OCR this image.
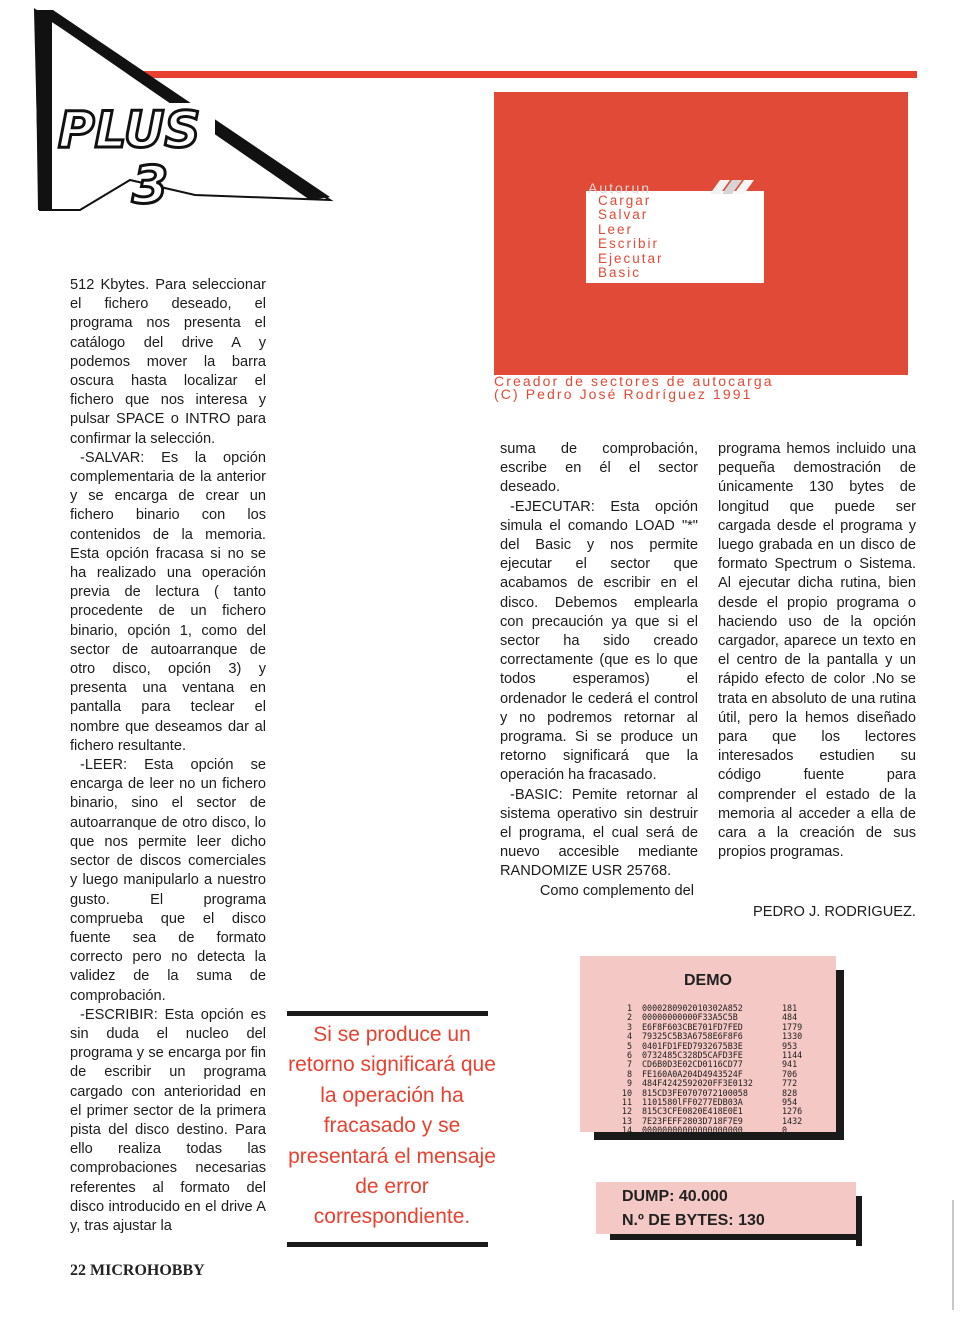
PLUS
3	Autorun
Cargar
Salvar
Leer
Escribir
Ejecutar
Basic
Creador de sectores de autocarga
(C) Pedro José Rodríguez 1991

512 Kbytes. Para seleccionar el fichero deseado, el programa nos presenta el catálogo del drive A y podemos mover la barra oscura hasta localizar el fichero que nos interesa y pulsar SPACE o INTRO para confirmar la selección.

-SALVAR: Es la opción complementaria de la anterior y se encarga de crear un fichero binario con los contenidos de la memoria. Esta opción fracasa si no se ha realizado una operación previa de lectura ( tanto procedente de un fichero binario, opción 1, como del sector de autoarranque de otro disco, opción 3) y presenta una ventana en pantalla para teclear el nombre que deseamos dar al fichero resultante.

-LEER: Esta opción se encarga de leer no un fichero binario, sino el sector de autoarranque de otro disco, lo que nos permite leer dicho sector de discos comerciales y luego manipularlo a nuestro gusto. El programa comprueba que el disco fuente sea de formato correcto pero no detecta la validez de la suma de comprobación.

-ESCRIBIR: Esta opción es sin duda el nucleo del programa y se encarga por fin de escribir un programa cargado con anterioridad en el primer sector de la primera pista del disco destino. Para ello realiza todas las comprobaciones necesarias referentes al formato del disco introducido en el drive A y, tras ajustar la

suma de comprobación, escribe en él el sector deseado.

-EJECUTAR: Esta opción simula el comando LOAD "*" del Basic y nos permite ejecutar el sector que acabamos de escribir en el disco. Debemos emplearla con precaución ya que si el sector ha sido creado correctamente (que es lo que todos esperamos) el ordenador le cederá el control y no podremos retornar al programa. Si se produce un retorno significará que la operación ha fracasado.

-BASIC: Pemite retornar al sistema operativo sin destruir el programa, el cual será de nuevo accesible mediante RANDOMIZE USR 25768.

Como complemento del

programa hemos incluido una pequeña demostración de únicamente 130 bytes de longitud que puede ser cargada desde el programa y luego grabada en un disco de formato Spectrum o Sistema. Al ejecutar dicha rutina, bien desde el propio programa o haciendo uso de la opción cargador, aparece un texto en el centro de la pantalla y un rápido efecto de color .No se trata en absoluto de una rutina útil, pero la hemos diseñado para que los lectores interesados estudien su código fuente para comprender el estado de la memoria al acceder a ella de cara a la creación de sus propios programas.

PEDRO J. RODRIGUEZ.
Si se produce un retorno significará que la operación ha fracasado y se presentará el mensaje de error correspondiente.
DEMO
1 0000280902010302A852	181
2 00000000000F33A5C5B	484
3 E6F8F603CBE701FD7FED	1779
4 79325C5B3A6758E6F8F6	1330
5 0401FD1FED7932675B3E	953
6 0732485C328D5CAFD3FE	1144
7 CD6B0D3E02CD0116CD77	941
8 FE160A0A204D4943524F	706
9 484F4242592020FF3E0132	772
10 815CD3FE0707072100058	828
11 1101580lFF0277EDB03A	954
12 815C3CFE0820E418E0E1	1276
13 7E23FEFF2803D718F7E9	1432
14 00000000000000000000	0
DUMP: 40.000
N.º DE BYTES: 130
22 MICROHOBBY
